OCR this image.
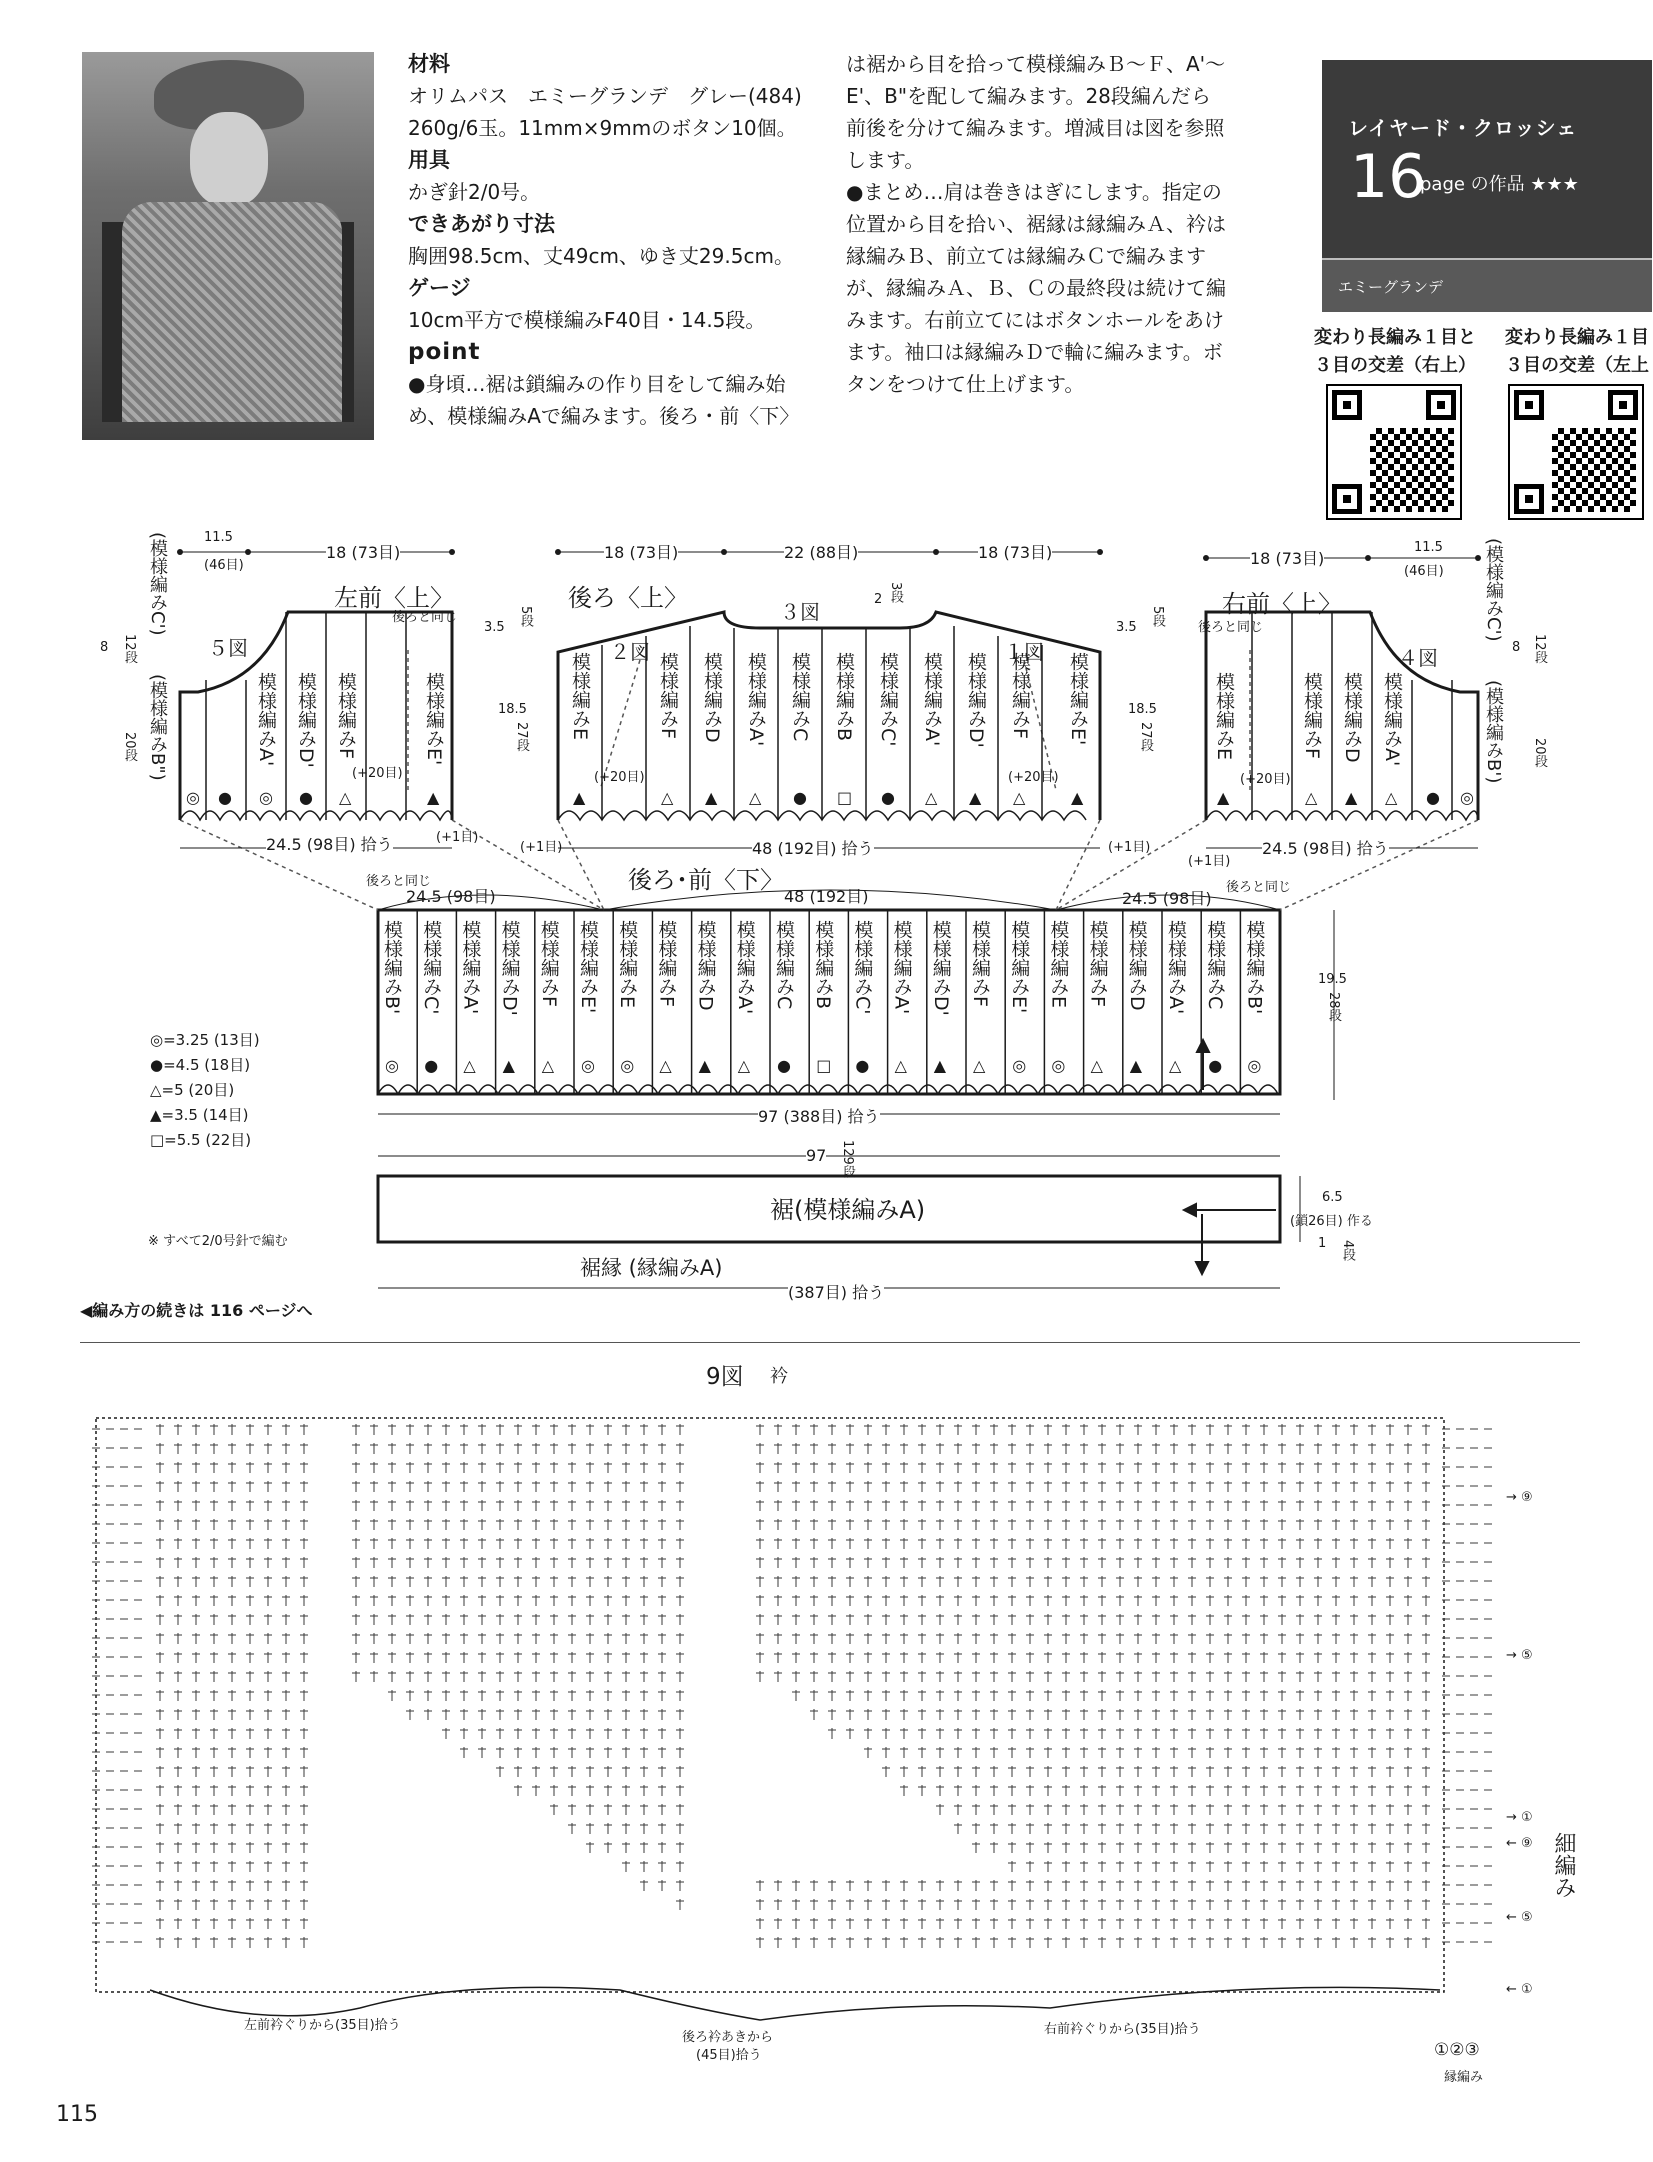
材料
オリムパス　エミーグランデ　グレー(484)
260g/6玉。11mm×9mmのボタン10個。
用具
かぎ針2/0号。
できあがり寸法
胸囲98.5cm、丈49cm、ゆき丈29.5cm。
ゲージ
10cm平方で模様編みF40目・14.5段。
point
●身頃…裾は鎖編みの作り目をして編み始
め、模様編みAで編みます。後ろ・前〈下〉
は裾から目を拾って模様編みＢ～Ｆ、A'～
E'、B"を配して編みます。28段編んだら
前後を分けて編みます。増減目は図を参照
します。
●まとめ…肩は巻きはぎにします。指定の
位置から目を拾い、裾縁は縁編みＡ、衿は
縁編みＢ、前立ては縁編みＣで編みます
が、縁編みＡ、Ｂ、Ｃの最終段は続けて編
みます。右前立てにはボタンホールをあけ
ます。袖口は縁編みＤで輪に編みます。ボ
タンをつけて仕上げます。
レイヤード・クロッシェ
16
page の作品 ★★★
エミーグランデ
変わり長編み１目と
３目の交差（右上）
変わり長編み１目
３目の交差（左上
11.5
(46目)
18 (73目)	18 (73目)	22 (88目)	18 (73目)	18 (73目)
11.5
(46目)
左前〈上〉	後ろ〈上〉	右前〈上〉
後ろ･前〈下〉
後ろと同じ
後ろと同じ
後ろと同じ	後ろと同じ
５図	２図
３図
１図	４図
3.5
5段
18.5
27段
3.5
5段
18.5
27段
2 3段
8 12段
20段
8 12段
20段
(模様編みC')
(模様編みB")
(模様編みC')
(模様編みB')
(+20目)	(+20目)	(+20目)	(+20目)
(+1目)
(+1目)	(+1目)
(+1目)
24.5 (98目) 拾う	48 (192目) 拾う	24.5 (98目) 拾う
24.5 (98目)	48 (192目)	24.5 (98目)
19.5
28段
97 (388目) 拾う
97 129段
裾(模様編みA)
裾縁 (縁編みA)
(387目) 拾う
6.5
(鎖26目) 作る
1 4段
※ すべて2/0号針で編む
◀編み方の続きは 116 ページへ
◎=3.25 (13目)
●=4.5 (18目)
△=5 (20目)
▲=3.5 (14目)
□=5.5 (22目)
模様編みA' 模様編みD' 模様編みF	模様編みE'
◎ ● △	▲
◎ ●
模様編みE	模様編みF 模様編みD 模様編みA' 模様編みC 模様編みB 模様編みC' 模様編みA' 模様編みD' 模様編みF 模様編みE'
▲	△ ▲ △ ● □ ● △ ▲ △	▲
模様編みE	模様編みF 模様編みD 模様編みA'
▲	△ ▲ △ ● ◎
模様編みB' 模様編みC' 模様編みA' 模様編みD' 模様編みF 模様編みE' 模様編みE 模様編みF 模様編みD 模様編みA' 模様編みC 模様編みB 模様編みC' 模様編みA' 模様編みD' 模様編みF 模様編みE' 模様編みE 模様編みF 模様編みD 模様編みA' 模様編みC 模様編みB'
◎ ● △ ▲ △ ◎ ◎ △ ▲ △ ● □ ● △ ▲ △ ◎ ◎ △ ▲ △ ● ◎
9図 衿
→ ⑨
→ ⑤
→ ①
← ⑨
← ⑤
← ①
細編み
左前衿ぐりから(35目)拾う
後ろ衿あきから
(45目)拾う
右前衿ぐりから(35目)拾う
①②③
縁編み
115
